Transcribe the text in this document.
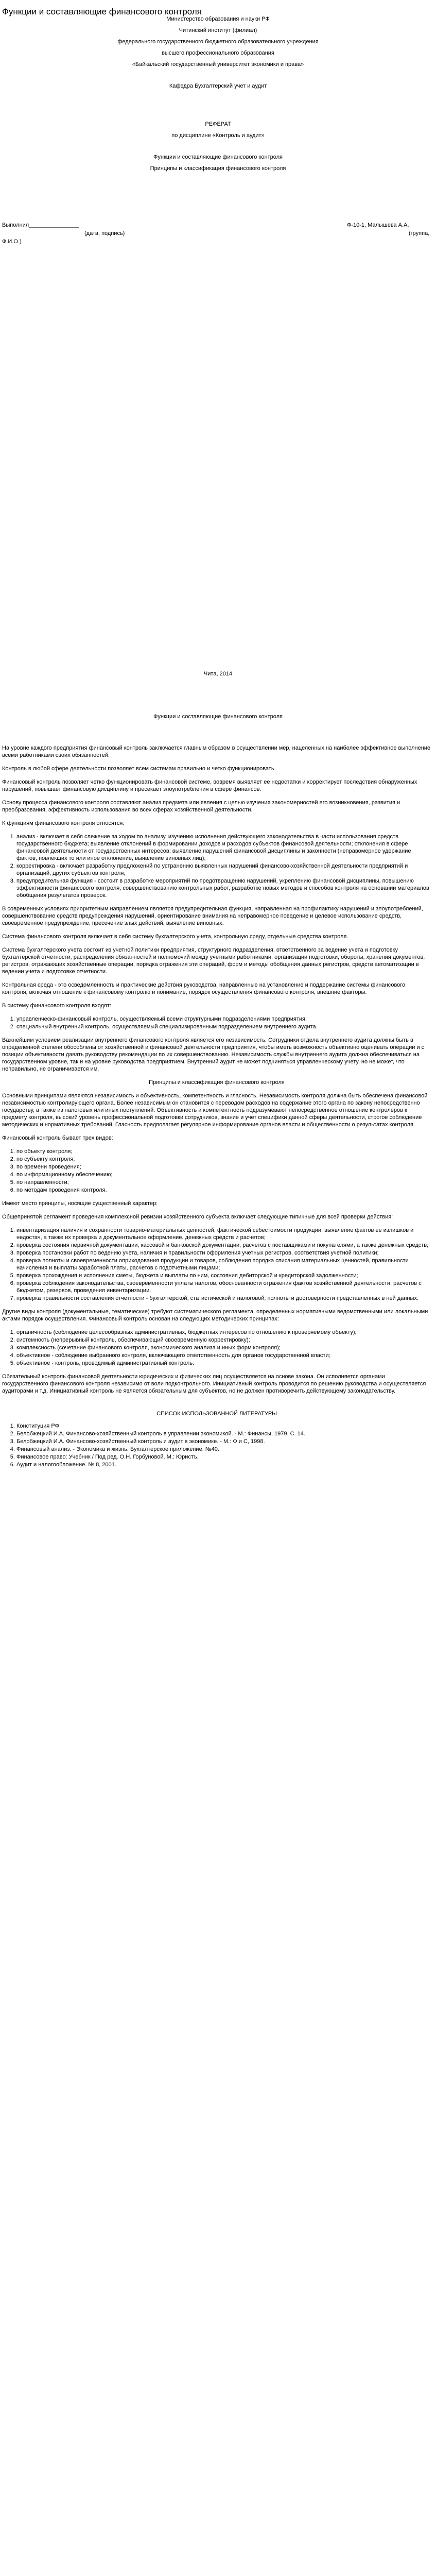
Функции и составляющие финансового контроля

Министерство образования и науки РФ

Читинский институт (филиал)

федерального государственного бюджетного образовательного учреждения

высшего профессионального образования

«Байкальский государственный университет экономики и права»

Кафедра Бухгалтерский учет и аудит

РЕФЕРАТ

по дисциплине «Контроль и аудит»

Функции и составляющие финансового контроля

Принципы и классификация финансового контроля

Выполнил ________________	Ф-10-1, Малышева А.А.
(дата, подпись)	(группа,
Ф.И.О.)
Чита, 2014
Функции и составляющие финансового контроля

На уровне каждого предприятия финансовый контроль заключается главным образом в осуществлении мер, нацеленных на наиболее эффективное выполнение всеми работниками своих обязанностей.

Контроль в любой сфере деятельности позволяет всем системам правильно и четко функционировать.

Финансовый контроль позволяет четко функционировать финансовой системе, вовремя выявляет ее недостатки и корректирует последствия обнаруженных нарушений, повышает финансовую дисциплину и пресекает злоупотребления в сфере финансов.

Основу процесса финансового контроля составляют анализ предмета или явления с целью изучения закономерностей его возникновения, развития и преобразования, эффективность использования во всех сферах хозяйственной деятельности.

К функциям финансового контроля относятся:

1. анализ - включает в себя слежение за ходом по анализу, изучению исполнения действующего законодательства в части использования средств государственного бюджета; выявление отклонений в формировании доходов и расходов субъектов финансовой деятельности; отклонения в сфере финансовой деятельности от государственных интересов; выявление нарушений финансовой дисциплины и законности (неправомерное удержание фактов, повлекших то или иное отклонение, выявление виновных лиц);
2. корректировка - включает разработку предложений по устранению выявленных нарушений финансово-хозяйственной деятельности предприятий и организаций, других субъектов контроля;
3. предупредительная функция - состоит в разработке мероприятий по предотвращению нарушений, укреплению финансовой дисциплины, повышению эффективности финансового контроля, совершенствованию контрольных работ, разработке новых методов и способов контроля на основании материалов обобщения результатов проверок.

В современных условиях приоритетным направлением является предупредительная функция, направленная на профилактику нарушений и злоупотреблений, совершенствование средств предупреждения нарушений, ориентирование внимания на неправомерное поведение и целевое использование средств, своевременное предупреждение, пресечение злых действий, выявление виновных.

Система финансового контроля включает в себя систему бухгалтерского учета, контрольную среду, отдельные средства контроля.

Система бухгалтерского учета состоит из учетной политики предприятия, структурного подразделения, ответственного за ведение учета и подготовку бухгалтерской отчетности, распределения обязанностей и полномочий между учетными работниками, организации подготовки, обороты, хранения документов, регистров, отражающих хозяйственные операции, порядка отражения эти операций, форм и методы обобщения данных регистров, средств автоматизации в ведении учета и подготовке отчетности.

Контрольная среда - это осведомленность и практические действия руководства, направленные на установление и поддержание системы финансового контроля, включая отношение к финансовому контролю и понимание, порядок осуществления финансового контроля, внешние факторы.

В систему финансового контроля входят:

1. управленческо-финансовый контроль, осуществляемый всеми структурными подразделениями предприятия;
2. специальный внутренний контроль, осуществляемый специализированным подразделением внутреннего аудита.

Важнейшим условием реализации внутреннего финансового контроля является его независимость. Сотрудники отдела внутреннего аудита должны быть в определенной степени обособлены от хозяйственной и финансовой деятельности предприятия, чтобы иметь возможность объективно оценивать операции и с позиции объективности давать руководству рекомендации по их совершенствованию. Независимость службы внутреннего аудита должна обеспечиваться на государственном уровне, так и на уровне руководства предприятием. Внутренний аудит не может подчиняться управленческому учету, но не может, что неправильно, не ограничивается им.

Принципы и классификация финансового контроля

Основными принципами являются независимость и объективность, компетентность и гласность. Независимость контроля должна быть обеспечена финансовой независимостью контролирующего органа. Более независимым он становится с переводом расходов на содержание этого органа по закону непосредственно государству, а также из налоговых или иных поступлений. Объективность и компетентность подразумевают непосредственное отношение контролеров к предмету контроля, высокий уровень профессиональной подготовки сотрудников, знание и учет специфики данной сферы деятельности, строгое соблюдение методических и нормативных требований. Гласность предполагает регулярное информирование органов власти и общественности о результатах контроля.

Финансовый контроль бывает трех видов:

1. по объекту контроля;
2. по субъекту контроля;
3. по времени проведения;
4. по информационному обеспечению;
5. по направленности;
6. по методам проведения контроля.

Имеют место принципы, носящие существенный характер:

Общепринятой регламент проведения комплексной ревизии хозяйственного субъекта включает следующие типичные для всей проверки действия:

1. инвентаризация наличия и сохранности товарно-материальных ценностей, фактической себестоимости продукции, выявление фактов ее излишков и недостач, а также их проверка и документальное оформление, денежных средств и расчетов;
2. проверка состояния первичной документации, кассовой и банковской документации, расчетов с поставщиками и покупателями, а также денежных средств;
3. проверка постановки работ по ведению учета, наличия и правильности оформления учетных регистров, соответствия учетной политики;
4. проверка полноты и своевременности оприходования продукции и товаров, соблюдения порядка списания материальных ценностей, правильности начисления и выплаты заработной платы, расчетов с подотчетными лицами;
5. проверка прохождения и исполнения сметы, бюджета и выплаты по ним, состояния дебиторской и кредиторской задолженности;
6. проверка соблюдения законодательства, своевременности уплаты налогов, обоснованности отражения фактов хозяйственной деятельности, расчетов с бюджетом, резервов, проведения инвентаризации.
7. проверка правильности составления отчетности - бухгалтерской, статистической и налоговой, полноты и достоверности представленных в ней данных.

Другие виды контроля (документальные, тематические) требуют систематического регламента, определенных нормативными ведомственными или локальными актами порядок осуществления. Финансовый контроль основан на следующих методических принципах:

1. органичность (соблюдение целесообразных административных, бюджетных интересов по отношению к проверяемому объекту);
2. системность (непрерывный контроль, обеспечивающий своевременную корректировку);
3. комплексность (сочетание финансового контроля, экономического анализа и иных форм контроля);
4. объективное - соблюдение выбранного контроля, включающего ответственность для органов государственной власти;
5. объективное - контроль, проводимый административный контроль.

Обязательный контроль финансовой деятельности юридических и физических лиц осуществляется на основе закона. Он исполняется органами государственного финансового контроля независимо от воли подконтрольного. Инициативный контроль проводится по решению руководства и осуществляется аудиторами и т.д. Инициативный контроль не является обязательным для субъектов, но не должен противоречить действующему законодательству.

СПИСОК ИСПОЛЬЗОВАННОЙ ЛИТЕРАТУРЫ

1. Конституция РФ
2. Белобжецкий И.А. Финансово-хозяйственный контроль в управлении экономикой. - М.: Финансы, 1979. С. 14.
3. Белобжецкий И.А. Финансово-хозяйственный контроль и аудит в экономике. - М.: Ф и С, 1998.
4. Финансовый анализ. - Экономика и жизнь. Бухгалтерское приложение. №40.
5. Финансовое право: Учебник / Под ред. О.Н. Горбуновой. М.: Юристъ.
6. Аудит и налогообложение. № 8, 2001.
